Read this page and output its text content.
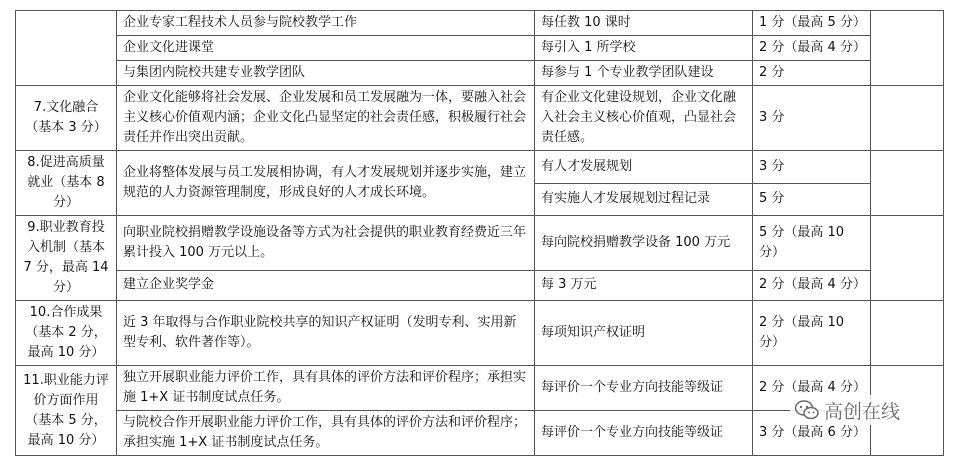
	企业专家工程技术人员参与院校教学工作	每任教 10 课时	1 分（最高 5 分）	
	企业文化进课堂	每引入 1 所学校	2 分（最高 4 分）	
	与集团内院校共建专业教学团队	每参与 1 个专业教学团队建设	2 分	
7.文化融合（基本 3 分）	企业文化能够将社会发展、企业发展和员工发展融为一体，要融入社会主义核心价值观内涵；企业文化凸显坚定的社会责任感，积极履行社会责任并作出突出贡献。	有企业文化建设规划，企业文化融入社会主义核心价值观，凸显社会责任感。	3 分	
8.促进高质量就业（基本 8 分）	企业将整体发展与员工发展相协调，有人才发展规划并逐步实施，建立规范的人力资源管理制度，形成良好的人才成长环境。	有人才发展规划	3 分	
		有实施人才发展规划过程记录	5 分	
9.职业教育投入机制（基本 7 分，最高 14 分）	向职业院校捐赠教学设施设备等方式为社会提供的职业教育经费近三年累计投入 100 万元以上。	每向院校捐赠教学设备 100 万元	5 分（最高 10 分）	
	建立企业奖学金	每 3 万元	2 分（最高 4 分）	
10.合作成果（基本 2 分，最高 10 分）	近 3 年取得与合作职业院校共享的知识产权证明（发明专利、实用新型专利、软件著作等）。	每项知识产权证明	2 分（最高 10 分）	
11.职业能力评价方面作用（基本 5 分，最高 10 分）	独立开展职业能力评价工作，具有具体的评价方法和评价程序；承担实施 1+X 证书制度试点任务。	每评价一个专业方向技能等级证	2 分（最高 4 分）	
	与院校合作开展职业能力评价工作，具有具体的评价方法和评价程序；承担实施 1+X 证书制度试点任务。	每评价一个专业方向技能等级证	3 分（最高 6 分）	
高创在线
